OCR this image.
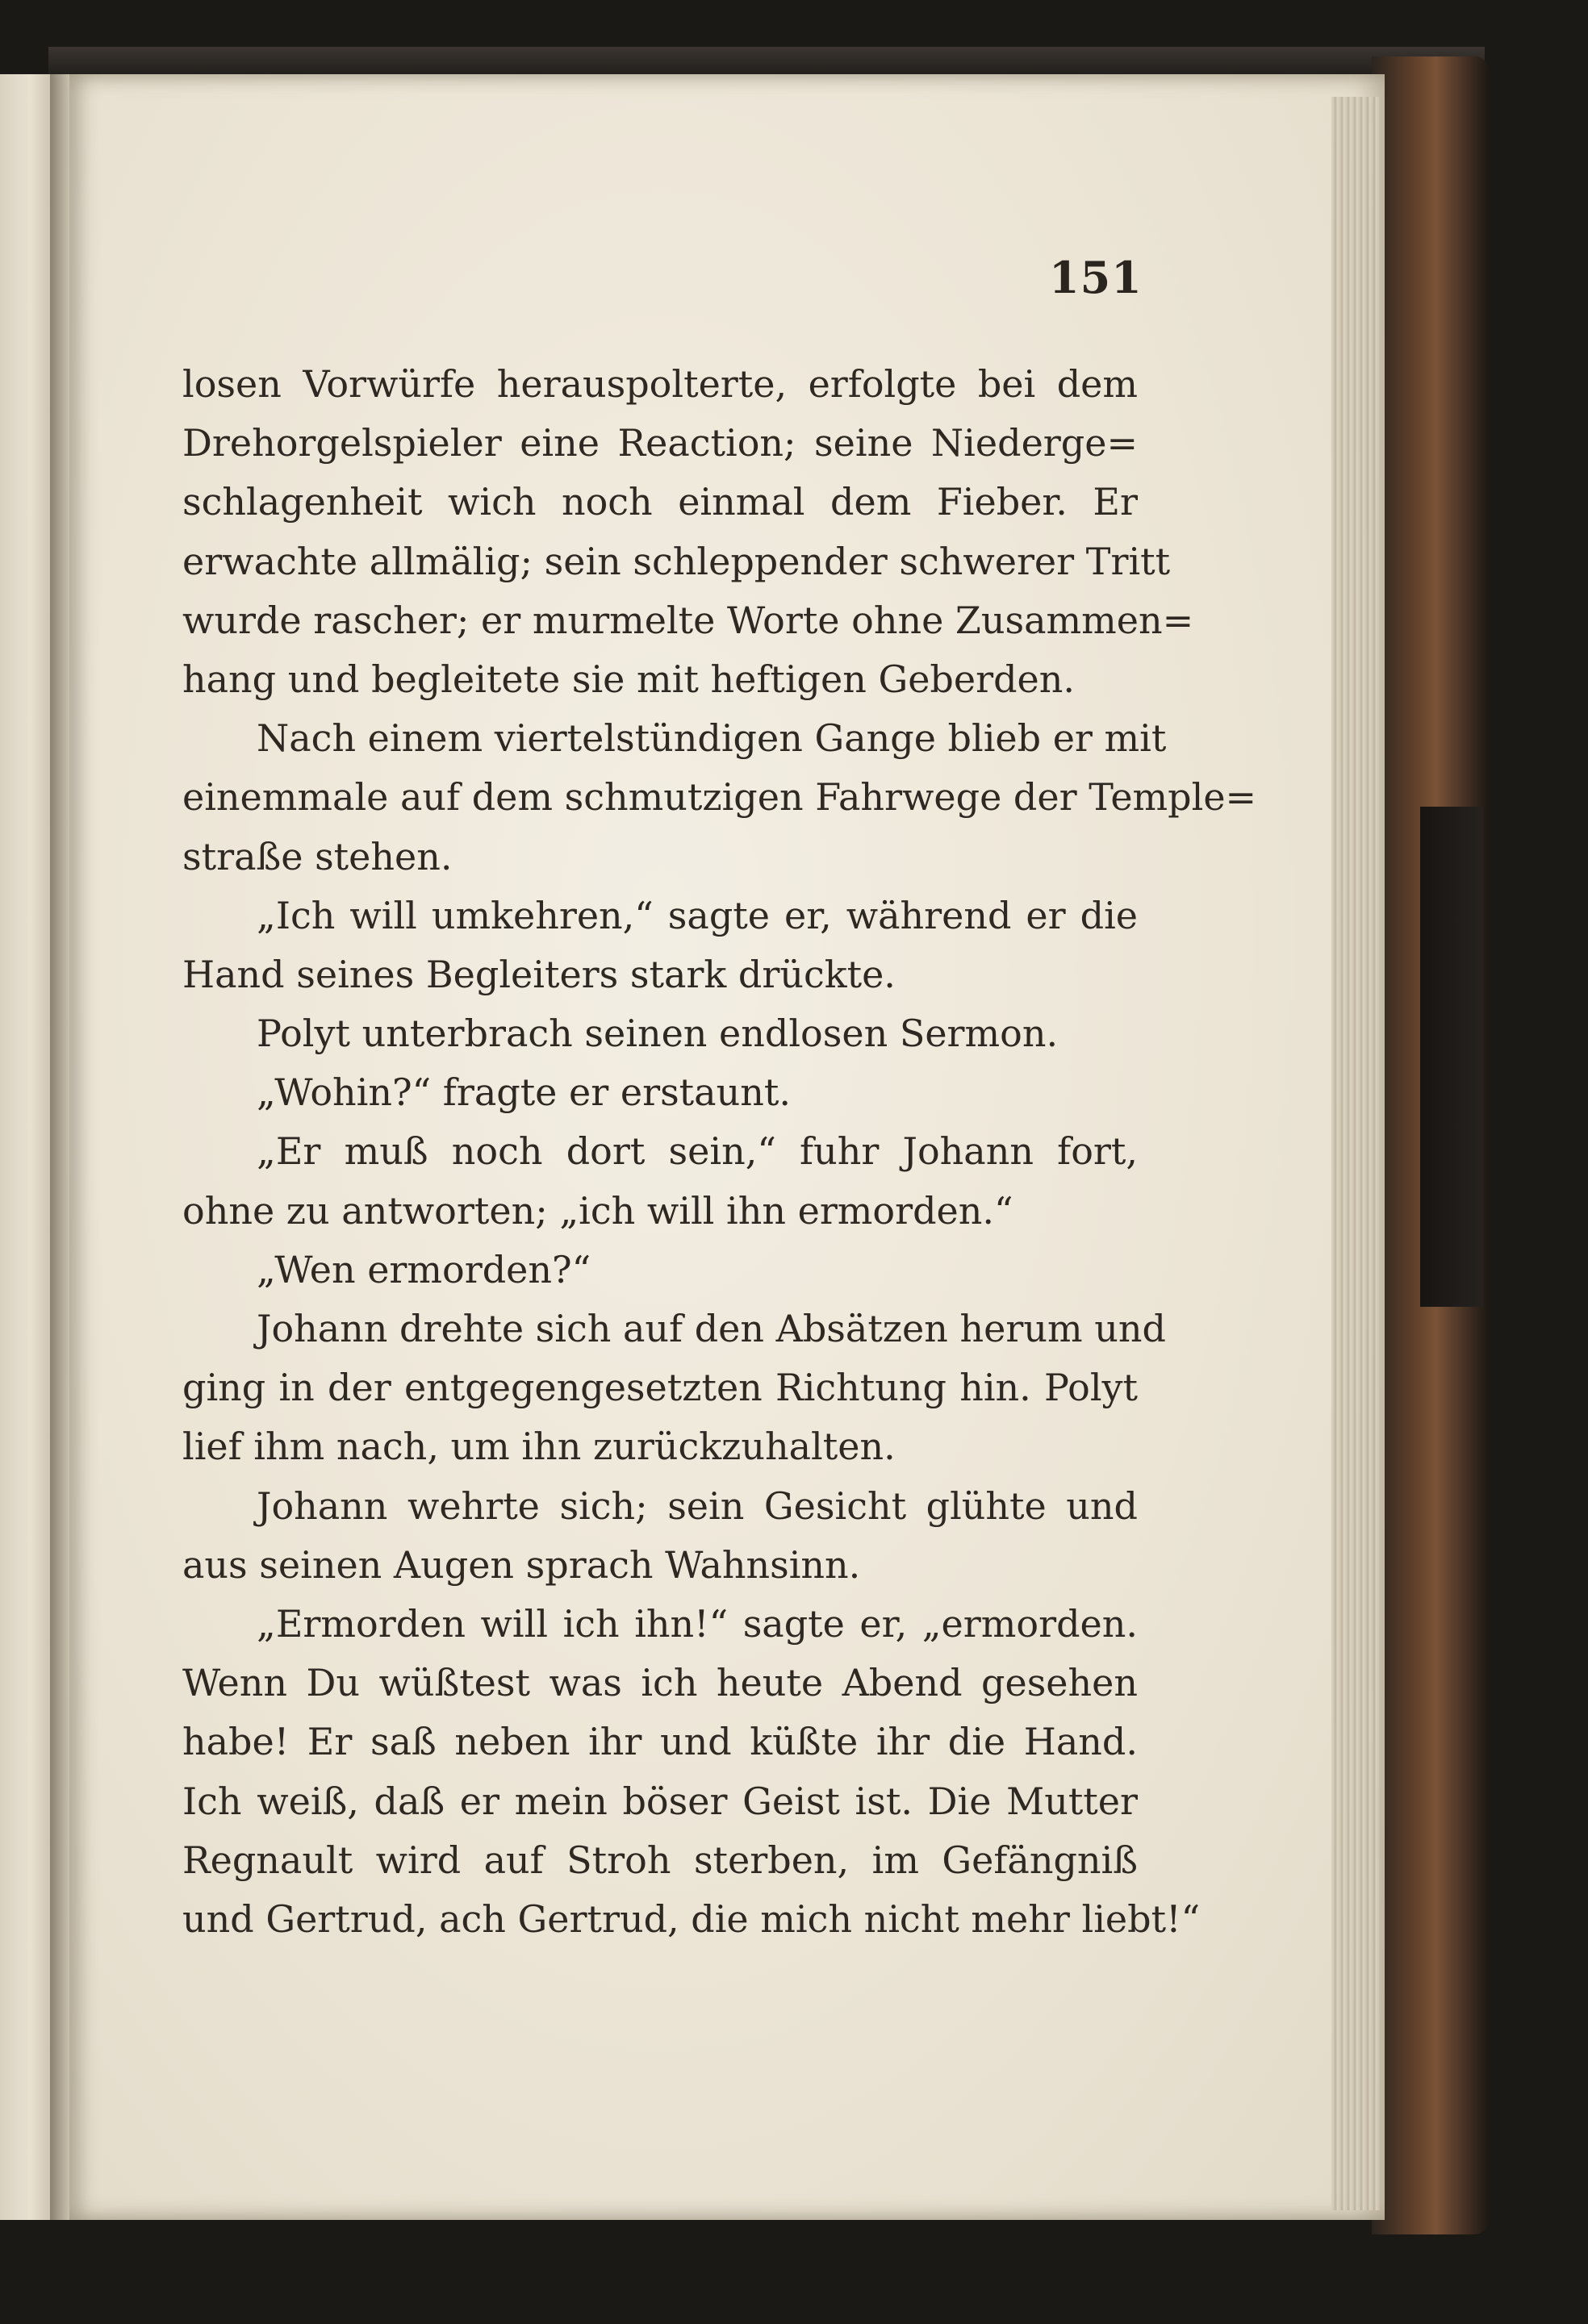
151
losen Vorwürfe herauspolterte, erfolgte bei dem
Drehorgelspieler eine Reaction; seine Niederge=
schlagenheit wich noch einmal dem Fieber. Er
erwachte allmälig; sein schleppender schwerer Tritt
wurde rascher; er murmelte Worte ohne Zusammen=
hang und begleitete sie mit heftigen Geberden.
Nach einem viertelstündigen Gange blieb er mit
einemmale auf dem schmutzigen Fahrwege der Temple=
straße stehen.
„Ich will umkehren,“ sagte er, während er die
Hand seines Begleiters stark drückte.
Polyt unterbrach seinen endlosen Sermon.
„Wohin?“ fragte er erstaunt.
„Er muß noch dort sein,“ fuhr Johann fort,
ohne zu antworten; „ich will ihn ermorden.“
„Wen ermorden?“
Johann drehte sich auf den Absätzen herum und
ging in der entgegengesetzten Richtung hin. Polyt
lief ihm nach, um ihn zurückzuhalten.
Johann wehrte sich; sein Gesicht glühte und
aus seinen Augen sprach Wahnsinn.
„Ermorden will ich ihn!“ sagte er, „ermorden.
Wenn Du wüßtest was ich heute Abend gesehen
habe! Er saß neben ihr und küßte ihr die Hand.
Ich weiß, daß er mein böser Geist ist. Die Mutter
Regnault wird auf Stroh sterben, im Gefängniß
und Gertrud, ach Gertrud, die mich nicht mehr liebt!“
